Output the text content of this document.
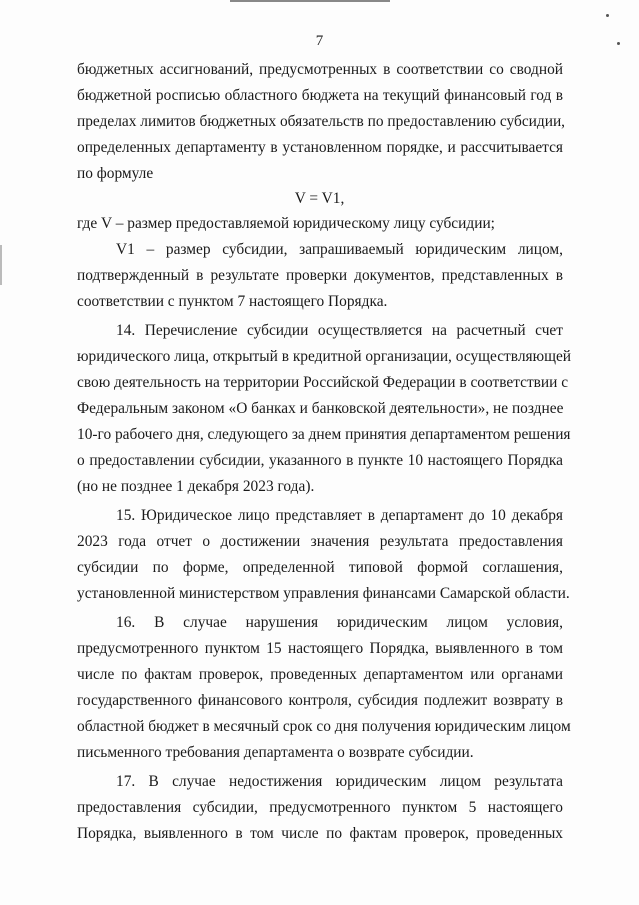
7
бюджетных ассигнований, предусмотренных в соответствии со сводной
бюджетной росписью областного бюджета на текущий финансовый год в
пределах лимитов бюджетных обязательств по предоставлению субсидии,
определенных департаменту в установленном порядке, и рассчитывается
по формуле
V = V1,
где V – размер предоставляемой юридическому лицу субсидии;
V1 – размер субсидии, запрашиваемый юридическим лицом,
подтвержденный в результате проверки документов, представленных в
соответствии с пунктом 7 настоящего Порядка.
14. Перечисление субсидии осуществляется на расчетный счет
юридического лица, открытый в кредитной организации, осуществляющей
свою деятельность на территории Российской Федерации в соответствии с
Федеральным законом «О банках и банковской деятельности», не позднее
10-го рабочего дня, следующего за днем принятия департаментом решения
о предоставлении субсидии, указанного в пункте 10 настоящего Порядка
(но не позднее 1 декабря 2023 года).
15. Юридическое лицо представляет в департамент до 10 декабря
2023 года отчет о достижении значения результата предоставления
субсидии по форме, определенной типовой формой соглашения,
установленной министерством управления финансами Самарской области.
16. В случае нарушения юридическим лицом условия,
предусмотренного пунктом 15 настоящего Порядка, выявленного в том
числе по фактам проверок, проведенных департаментом или органами
государственного финансового контроля, субсидия подлежит возврату в
областной бюджет в месячный срок со дня получения юридическим лицом
письменного требования департамента о возврате субсидии.
17. В случае недостижения юридическим лицом результата
предоставления субсидии, предусмотренного пунктом 5 настоящего
Порядка, выявленного в том числе по фактам проверок, проведенных
